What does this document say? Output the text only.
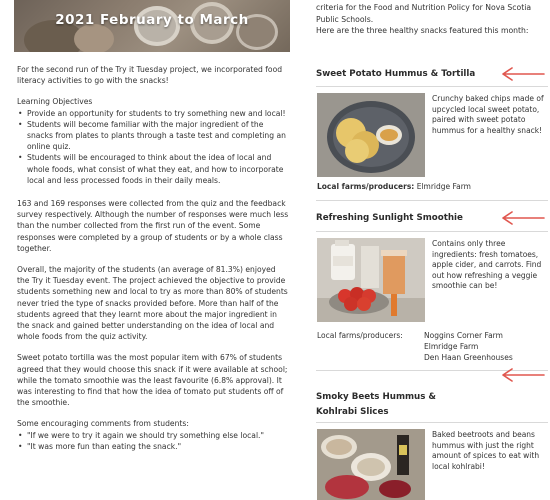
2021 February to March

For the second run of the Try it Tuesday project, we incorporated food literacy activities to go with the snacks!

Learning Objectives
• Provide an opportunity for students to try something new and local!
• Students will become familiar with the major ingredient of the snacks from plates to plants through a taste test and completing an online quiz.
• Students will be encouraged to think about the idea of local and whole foods, what consist of what they eat, and how to incorporate local and less processed foods in their daily meals.

163 and 169 responses were collected from the quiz and the feedback survey respectively. Although the number of responses were much less than the number collected from the first run of the event. Some responses were completed by a group of students or by a whole class together.

Overall, the majority of the students (an average of 81.3%) enjoyed the Try it Tuesday event. The project achieved the objective to provide students something new and local to try as more than 80% of students never tried the type of snacks provided before. More than half of the students agreed that they learnt more about the major ingredient in the snack and gained better understanding on the idea of local and whole foods from the quiz activity.

Sweet potato tortilla was the most popular item with 67% of students agreed that they would choose this snack if it were available at school; while the tomato smoothie was the least favourite (6.8% approval). It was interesting to find that how the idea of tomato put students off of the smoothie.

Some encouraging comments from students:
• "If we were to try it again we should try something else local."
• "It was more fun than eating the snack."
criteria for the Food and Nutrition Policy for Nova Scotia Public Schools.
Here are the three healthy snacks featured this month:
Sweet Potato Hummus & Tortilla
Crunchy baked chips made of upcycled local sweet potato, paired with sweet potato hummus for a healthy snack!
Local farms/producers: Elmridge Farm
Refreshing Sunlight Smoothie
Contains only three ingredients: fresh tomatoes, apple cider, and carrots. Find out how refreshing a veggie smoothie can be!
Local farms/producers:	Noggins Corner Farm
Elmridge Farm
Den Haan Greenhouses
Smoky Beets Hummus &
Kohlrabi Slices
Baked beetroots and beans hummus with just the right amount of spices to eat with local kohlrabi!
